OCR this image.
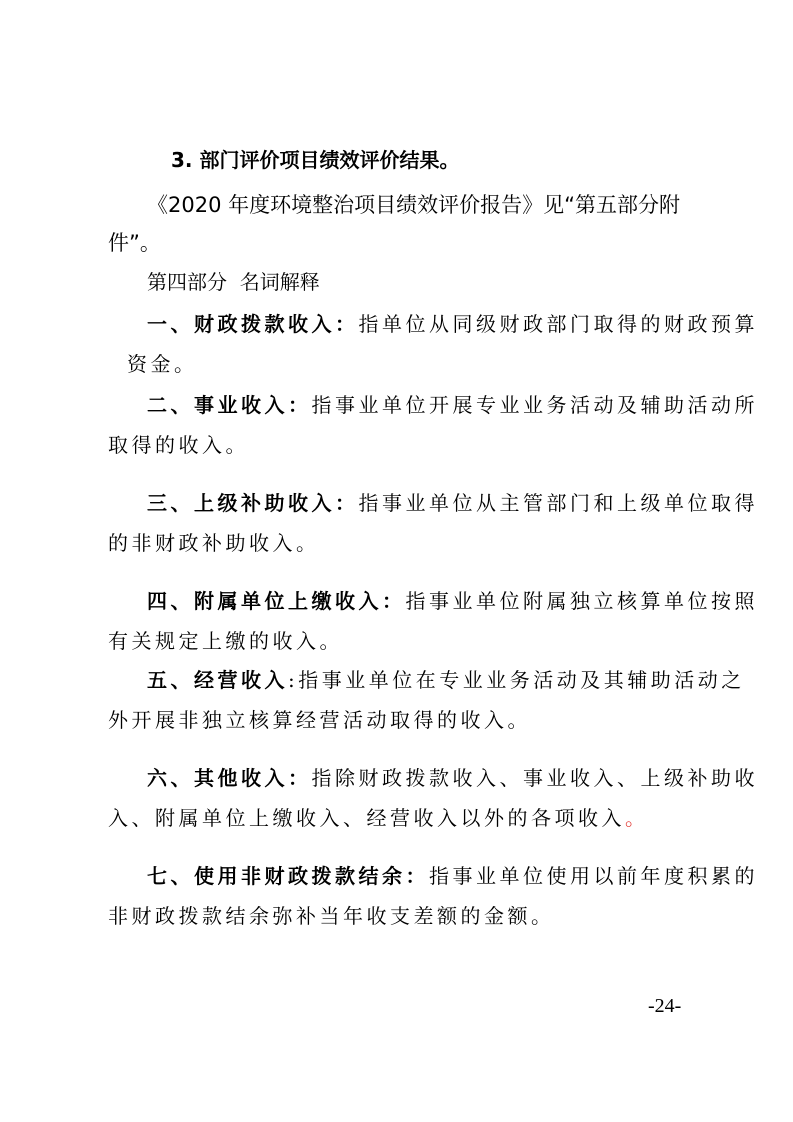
3. 部门评价项目绩效评价结果。
《2020 年度环境整治项目绩效评价报告》见“第五部分附
件”。
第四部分  名词解释
一、财政拨款收入：指单位从同级财政部门取得的财政预算
资金。
二、事业收入：指事业单位开展专业业务活动及辅助活动所
取得的收入。
三、上级补助收入：指事业单位从主管部门和上级单位取得
的非财政补助收入。
四、附属单位上缴收入：指事业单位附属独立核算单位按照
有关规定上缴的收入。
五、经营收入:指事业单位在专业业务活动及其辅助活动之
外开展非独立核算经营活动取得的收入。
六、其他收入：指除财政拨款收入、事业收入、上级补助收
入、附属单位上缴收入、经营收入以外的各项收入。
七、使用非财政拨款结余：指事业单位使用以前年度积累的
非财政拨款结余弥补当年收支差额的金额。
-24-
